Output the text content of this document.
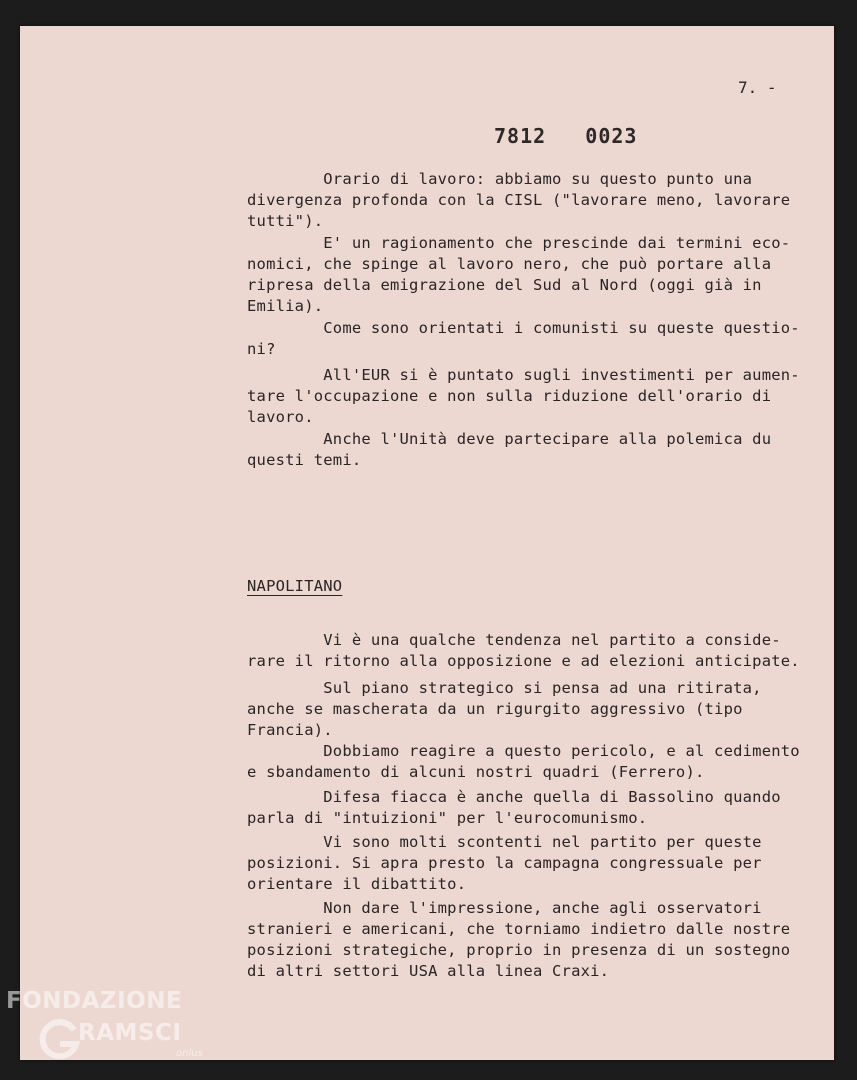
7. -
7812   0023
Orario di lavoro: abbiamo su questo punto una
divergenza profonda con la CISL ("lavorare meno, lavorare
tutti").
E' un ragionamento che prescinde dai termini eco-
nomici, che spinge al lavoro nero, che può portare alla
ripresa della emigrazione del Sud al Nord (oggi già in
Emilia).
Come sono orientati i comunisti su queste questio-
ni?
All'EUR si è puntato sugli investimenti per aumen-
tare l'occupazione e non sulla riduzione dell'orario di
lavoro.
Anche l'Unità deve partecipare alla polemica du
questi temi.
NAPOLITANO
Vi è una qualche tendenza nel partito a conside-
rare il ritorno alla opposizione e ad elezioni anticipate.
Sul piano strategico si pensa ad una ritirata,
anche se mascherata da un rigurgito aggressivo (tipo
Francia).
Dobbiamo reagire a questo pericolo, e al cedimento
e sbandamento di alcuni nostri quadri (Ferrero).
Difesa fiacca è anche quella di Bassolino quando
parla di "intuizioni" per l'eurocomunismo.
Vi sono molti scontenti nel partito per queste
posizioni. Si apra presto la campagna congressuale per
orientare il dibattito.
Non dare l'impressione, anche agli osservatori
stranieri e americani, che torniamo indietro dalle nostre
posizioni strategiche, proprio in presenza di un sostegno
di altri settori USA alla linea Craxi.
FONDAZIONE
RAMSCI
onlus
